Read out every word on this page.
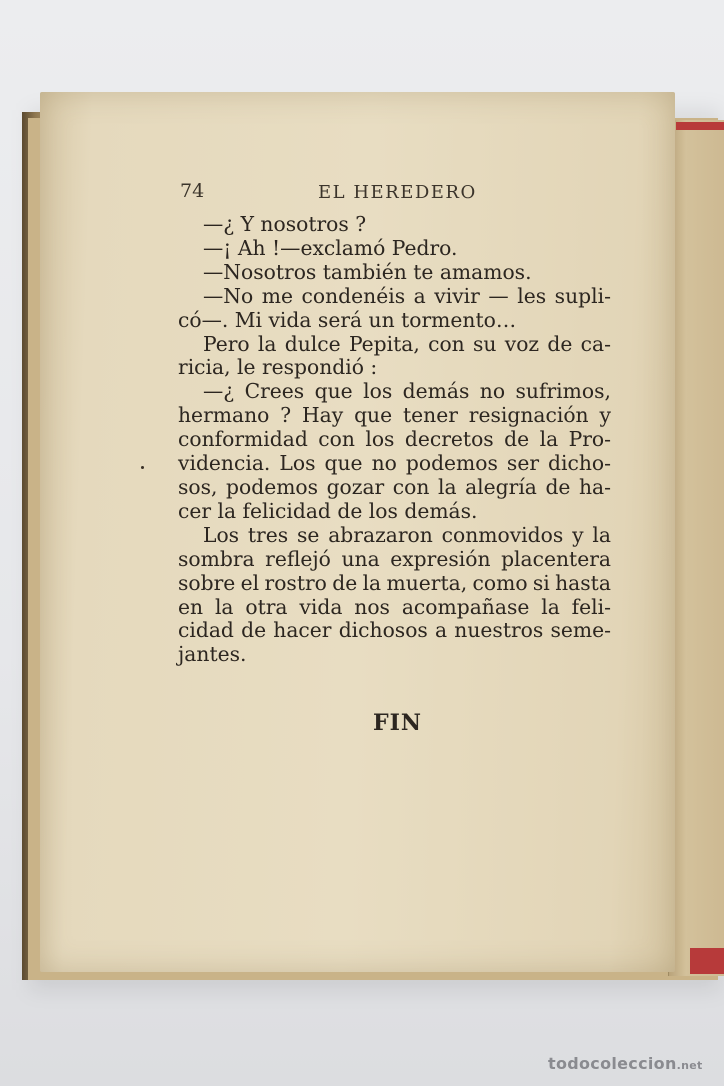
74	EL HEREDERO
—¿ Y nosotros ?
—¡ Ah !—exclamó Pedro.
—Nosotros también te amamos.
—No me condenéis a vivir — les supli-
có—. Mi vida será un tormento…
Pero la dulce Pepita, con su voz de ca-
ricia, le respondió :
—¿ Crees que los demás no sufrimos,
hermano ? Hay que tener resignación y
conformidad con los decretos de la Pro-
videncia. Los que no podemos ser dicho-
sos, podemos gozar con la alegría de ha-
cer la felicidad de los demás.
Los tres se abrazaron conmovidos y la
sombra reflejó una expresión placentera
sobre el rostro de la muerta, como si hasta
en la otra vida nos acompañase la feli-
cidad de hacer dichosos a nuestros seme-
jantes.
FIN
todocoleccion.net
